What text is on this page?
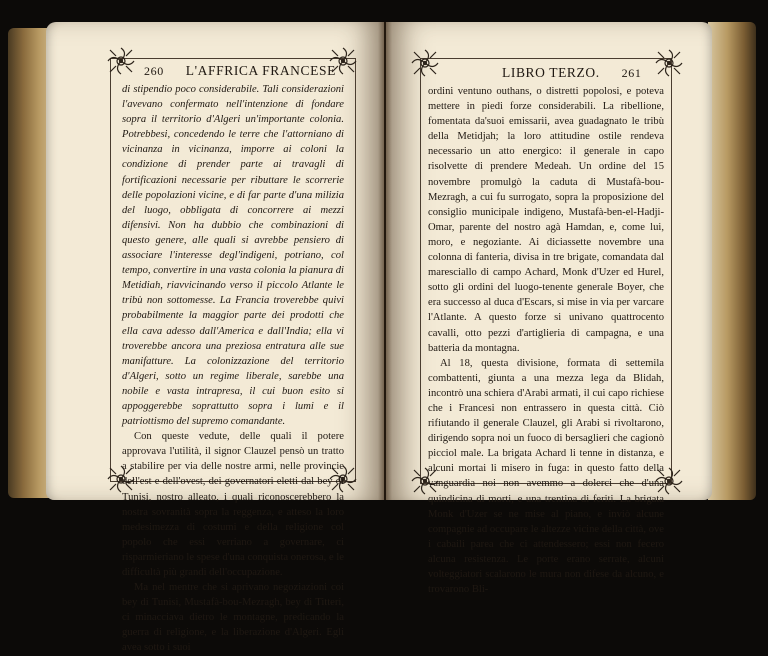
260 L'AFFRICA FRANCESE

di stipendio poco considerabile. Tali considerazioni l'avevano confermato nell'intenzione di fondare sopra il territorio d'Algeri un'importante colonia. Potrebbesi, concedendo le terre che l'attorniano di vicinanza in vicinanza, imporre ai coloni la condizione di prender parte ai travagli di fortificazioni necessarie per ributtare le scorrerie delle popolazioni vicine, e di far parte d'una milizia del luogo, obbligata di concorrere ai mezzi difensivi. Non ha dubbio che combinazioni di questo genere, alle quali si avrebbe pensiero di associare l'interesse degl'indigeni, potriano, col tempo, convertire in una vasta colonia la pianura di Metidiah, riavvicinando verso il piccolo Atlante le tribù non sottomesse. La Francia troverebbe quivi probabilmente la maggior parte dei prodotti che ella cava adesso dall'America e dall'India; ella vi troverebbe ancora una preziosa entratura alle sue manifatture. La colonizzazione del territorio d'Algeri, sotto un regime liberale, sarebbe una nobile e vasta intrapresa, il cui buon esito si appoggerebbe soprattutto sopra i lumi e il patriottismo del supremo comandante.

Con queste vedute, delle quali il potere approvava l'utilità, il signor Clauzel pensò un tratto a stabilire per via delle nostre armi, nelle provincie dell'est e dell'ovest, dei governatori eletti dal bey di Tunisi, nostro alleato, i quali riconoscerebbero la nostra sovranità sopra la reggenza, e atteso la loro medesimezza di costumi e della religione col popolo che essi verriano a governare, ci risparmieriano le spese d'una conquista onerosa, e le difficultà più grandi dell'occupazione.

Ma nel mentre che si aprivano negoziazioni coi bey di Tunisi, Mustafà-bou-Mezragh, bey di Titteri, ci minacciava dietro le montagne, predicando la guerra di religione, e la liberazione d'Algeri. Egli avea sotto i suoi

LIBRO TERZO. 261

ordini ventuno outhans, o distretti popolosi, e poteva mettere in piedi forze considerabili. La ribellione, fomentata da'suoi emissarii, avea guadagnato le tribù della Metidjah; la loro attitudine ostile rendeva necessario un atto energico: il generale in capo risolvette di prendere Medeah. Un ordine del 15 novembre promulgò la caduta di Mustafà-bou-Mezragh, a cui fu surrogato, sopra la proposizione del consiglio municipale indigeno, Mustafà-ben-el-Hadji-Omar, parente del nostro agà Hamdan, e, come lui, moro, e negoziante. Ai diciassette novembre una colonna di fanteria, divisa in tre brigate, comandata dal maresciallo di campo Achard, Monk d'Uzer ed Hurel, sotto gli ordini del luogo-tenente generale Boyer, che era successo al duca d'Escars, si mise in via per varcare l'Atlante. A questo forze si univano quattrocento cavalli, otto pezzi d'artiglieria di campagna, e una batteria da montagna.

Al 18, questa divisione, formata di settemila combattenti, giunta a una mezza lega da Blidah, incontrò una schiera d'Arabi armati, il cui capo richiese che i Francesi non entrassero in questa città. Ciò rifiutando il generale Clauzel, gli Arabi si rivoltarono, dirigendo sopra noi un fuoco di bersaglieri che cagionò picciol male. La brigata Achard li tenne in distanza, e alcuni mortai li misero in fuga: in questo fatto della vanguardia noi non avemmo a dolerci che d'una quindicina di morti, e una trentina di feriti. La brigata Monk d'Uzer se ne mise al piano, e inviò alcune compagnie ad occupare le altezze vicine della città, ove i cabaili parea che ci attendessero; essi non fecero alcuna resistenza. Le porte erano serrate, alcuni volteggiatori scalarono le mura non difese da alcuno, e trovarono Bli-
